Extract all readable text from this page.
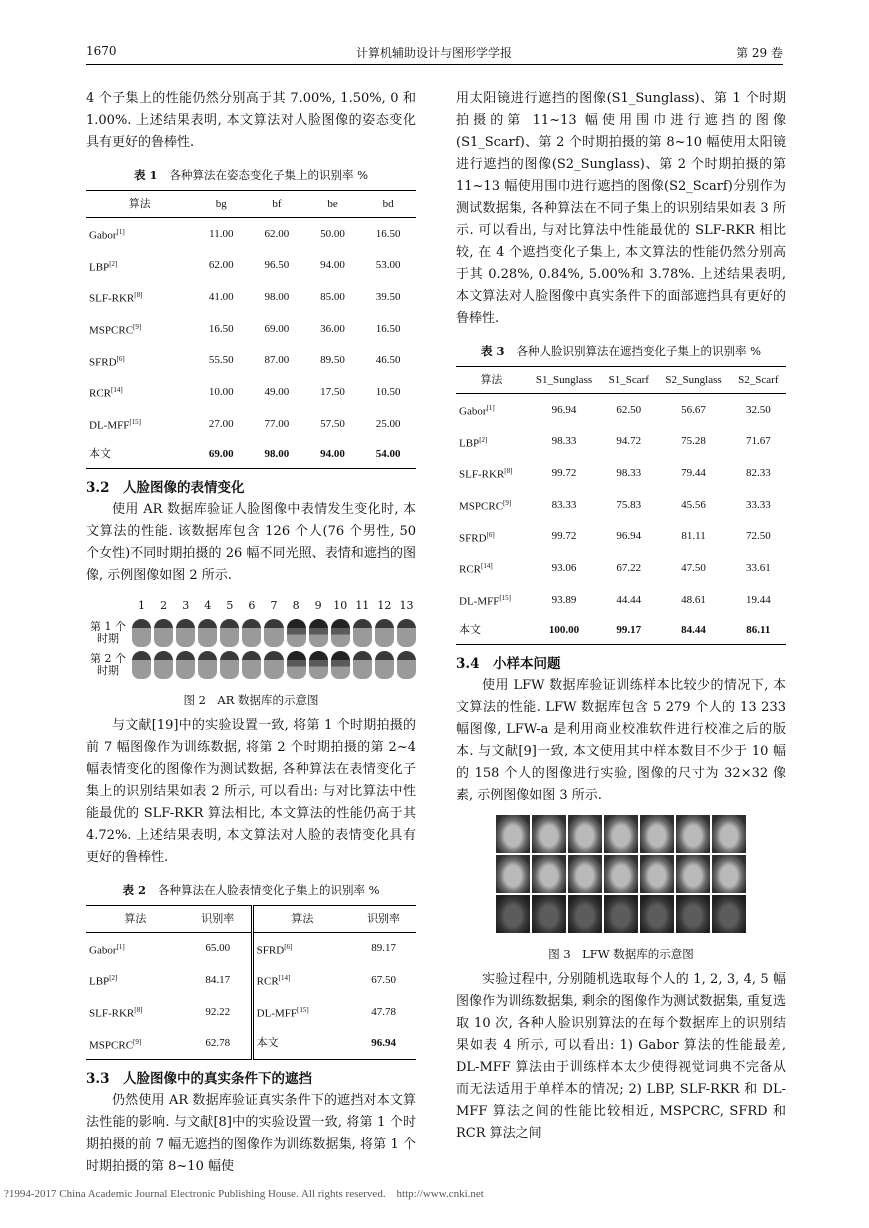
1670	计算机辅助设计与图形学学报	第 29 卷

4 个子集上的性能仍然分别高于其 7.00%, 1.50%, 0 和 1.00%. 上述结果表明, 本文算法对人脸图像的姿态变化具有更好的鲁棒性.

表 1 各种算法在姿态变化子集上的识别率 %
算法	bg	bf	be	bd
Gabor[1]	11.00	62.00	50.00	16.50
LBP[2]	62.00	96.50	94.00	53.00
SLF-RKR[8]	41.00	98.00	85.00	39.50
MSPCRC[9]	16.50	69.00	36.00	16.50
SFRD[6]	55.50	87.00	89.50	46.50
RCR[14]	10.00	49.00	17.50	10.50
DL-MFF[15]	27.00	77.00	57.50	25.00
本文	69.00	98.00	94.00	54.00

3.2　人脸图像的表情变化

使用 AR 数据库验证人脸图像中表情发生变化时, 本文算法的性能. 该数据库包含 126 个人(76 个男性, 50 个女性)不同时期拍摄的 26 幅不同光照、表情和遮挡的图像, 示例图像如图 2 所示.

1	2	3	4	5	6	7	8	9	10 11 12 13
第 1 个时期
第 2 个时期
图 2　AR 数据库的示意图

与文献[19]中的实验设置一致, 将第 1 个时期拍摄的前 7 幅图像作为训练数据, 将第 2 个时期拍摄的第 2~4 幅表情变化的图像作为测试数据, 各种算法在表情变化子集上的识别结果如表 2 所示, 可以看出: 与对比算法中性能最优的 SLF-RKR 算法相比, 本文算法的性能仍高于其 4.72%. 上述结果表明, 本文算法对人脸的表情变化具有更好的鲁棒性.

表 2 各种算法在人脸表情变化子集上的识别率 %
算法	识别率	算法	识别率
Gabor[1]	65.00	SFRD[6]	89.17
LBP[2]	84.17	RCR[14]	67.50
SLF-RKR[8]	92.22	DL-MFF[15]	47.78
MSPCRC[9]	62.78	本文	96.94

3.3　人脸图像中的真实条件下的遮挡

仍然使用 AR 数据库验证真实条件下的遮挡对本文算法性能的影响. 与文献[8]中的实验设置一致, 将第 1 个时期拍摄的前 7 幅无遮挡的图像作为训练数据集, 将第 1 个时期拍摄的第 8~10 幅使

用太阳镜进行遮挡的图像(S1_Sunglass)、第 1 个时期拍摄的第 11~13 幅使用围巾进行遮挡的图像(S1_Scarf)、第 2 个时期拍摄的第 8~10 幅使用太阳镜进行遮挡的图像(S2_Sunglass)、第 2 个时期拍摄的第 11~13 幅使用围巾进行遮挡的图像(S2_Scarf)分别作为测试数据集, 各种算法在不同子集上的识别结果如表 3 所示. 可以看出, 与对比算法中性能最优的 SLF-RKR 相比较, 在 4 个遮挡变化子集上, 本文算法的性能仍然分别高于其 0.28%, 0.84%, 5.00%和 3.78%. 上述结果表明, 本文算法对人脸图像中真实条件下的面部遮挡具有更好的鲁棒性.

表 3 各种人脸识别算法在遮挡变化子集上的识别率 %
算法	S1_Sunglass	S1_Scarf	S2_Sunglass	S2_Scarf
Gabor[1]	96.94	62.50	56.67	32.50
LBP[2]	98.33	94.72	75.28	71.67
SLF-RKR[8]	99.72	98.33	79.44	82.33
MSPCRC[9]	83.33	75.83	45.56	33.33
SFRD[6]	99.72	96.94	81.11	72.50
RCR[14]	93.06	67.22	47.50	33.61
DL-MFF[15]	93.89	44.44	48.61	19.44
本文	100.00	99.17	84.44	86.11

3.4　小样本问题

使用 LFW 数据库验证训练样本比较少的情况下, 本文算法的性能. LFW 数据库包含 5 279 个人的 13 233 幅图像, LFW-a 是利用商业校准软件进行校准之后的版本. 与文献[9]一致, 本文使用其中样本数目不少于 10 幅的 158 个人的图像进行实验, 图像的尺寸为 32×32 像素, 示例图像如图 3 所示.

图 3　LFW 数据库的示意图

实验过程中, 分别随机选取每个人的 1, 2, 3, 4, 5 幅图像作为训练数据集, 剩余的图像作为测试数据集, 重复选取 10 次, 各种人脸识别算法的在每个数据库上的识别结果如表 4 所示, 可以看出: 1) Gabor 算法的性能最差, DL-MFF 算法由于训练样本太少使得视觉词典不完备从而无法适用于单样本的情况; 2) LBP, SLF-RKR 和 DL-MFF 算法之间的性能比较相近, MSPCRC, SFRD 和 RCR 算法之间

?1994-2017 China Academic Journal Electronic Publishing House. All rights reserved.　http://www.cnki.net
